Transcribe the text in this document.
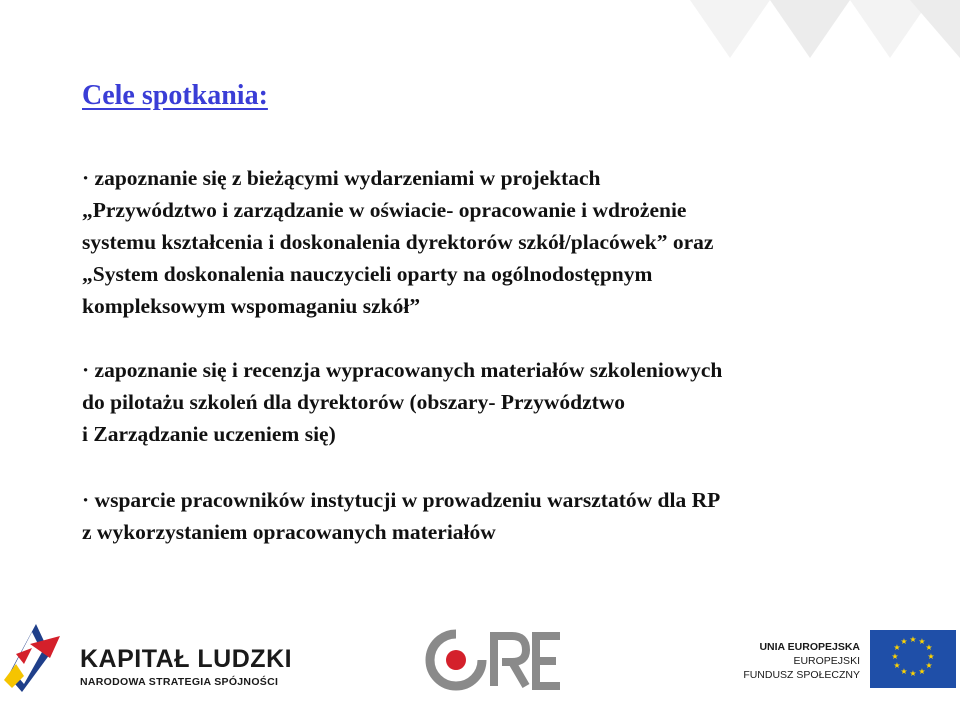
Cele spotkania:

· zapoznanie się z bieżącymi wydarzeniami w projektach
„Przywództwo i zarządzanie w oświacie- opracowanie i wdrożenie
systemu kształcenia i doskonalenia dyrektorów szkół/placówek” oraz
„System doskonalenia nauczycieli oparty na ogólnodostępnym
kompleksowym wspomaganiu szkół”

· zapoznanie się i recenzja wypracowanych materiałów szkoleniowych
do pilotażu szkoleń dla dyrektorów (obszary- Przywództwo
i Zarządzanie uczeniem się)

· wsparcie pracowników instytucji w prowadzeniu warsztatów dla RP
z wykorzystaniem opracowanych materiałów

KAPITAŁ LUDZKI
NARODOWA STRATEGIA SPÓJNOŚCI
UNIA EUROPEJSKA
EUROPEJSKI
FUNDUSZ SPOŁECZNY
★ ★
★
★
★
★
★
★
★
★
★
★
